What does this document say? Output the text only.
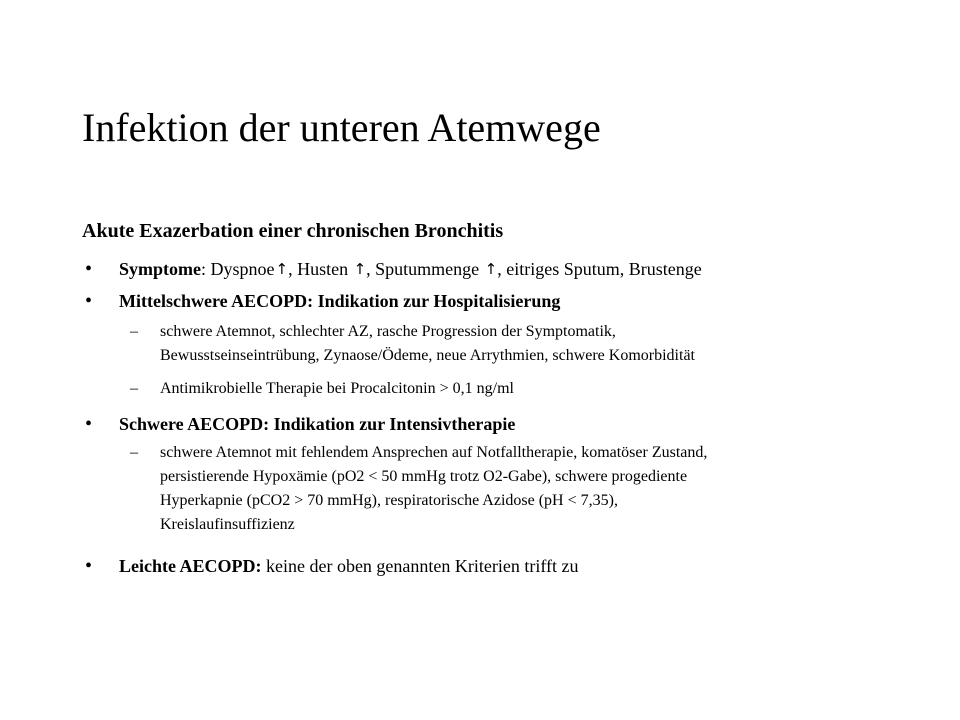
Infektion der unteren Atemwege
Akute Exazerbation einer chronischen Bronchitis
• Symptome: Dyspnoe↑, Husten ↑, Sputummenge ↑, eitriges Sputum, Brustenge
• Mittelschwere AECOPD: Indikation zur Hospitalisierung
– schwere Atemnot, schlechter AZ, rasche Progression der Symptomatik,
Bewusstseinseintrübung, Zynaose/Ödeme, neue Arrythmien, schwere Komorbidität
– Antimikrobielle Therapie bei Procalcitonin > 0,1 ng/ml
• Schwere AECOPD: Indikation zur Intensivtherapie
– schwere Atemnot mit fehlendem Ansprechen auf Notfalltherapie, komatöser Zustand,
persistierende Hypoxämie (pO2 < 50 mmHg trotz O2-Gabe), schwere progediente
Hyperkapnie (pCO2 > 70 mmHg), respiratorische Azidose (pH < 7,35),
Kreislaufinsuffizienz
• Leichte AECOPD: keine der oben genannten Kriterien trifft zu
